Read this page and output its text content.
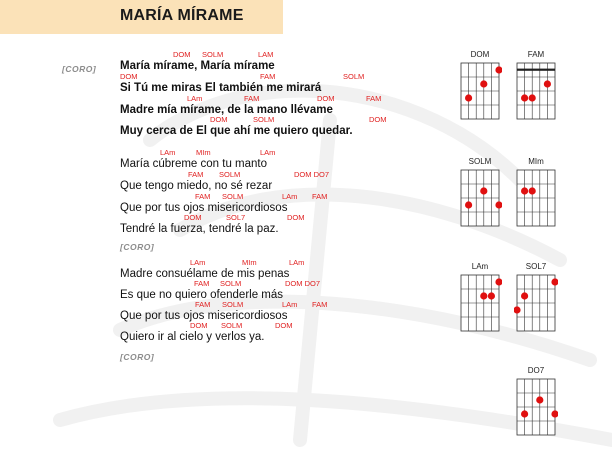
MARÍA MÍRAME
[CORO]
DOM SOLM	LAM
María mírame, María mírame
DOM	FAM	SOLM
Si Tú me miras El también me mirará
LAm	FAM	DOM	FAM
Madre mía mírame, de la mano llévame
DOM	SOLM	DOM
Muy cerca de El que ahí me quiero quedar.
LAm	MIm	LAm
María cúbreme con tu manto
FAM SOLM	DOM DO7
Que tengo miedo, no sé rezar
FAM SOLM	LAm FAM
Que por tus ojos misericordiosos
DOM	SOL7	DOM
Tendré la fuerza, tendré la paz.
[CORO]
LAm	MIm	LAm
Madre consuélame de mis penas
FAM SOLM	DOM DO7
Es que no quiero ofenderle más
FAM SOLM	LAm FAM
Que por tus ojos misericordiosos
DOM SOLM	DOM
Quiero ir al cielo y verlos ya.
[CORO]
DOM	FAM
SOLM	MIm
LAm	SOL7
DO7
